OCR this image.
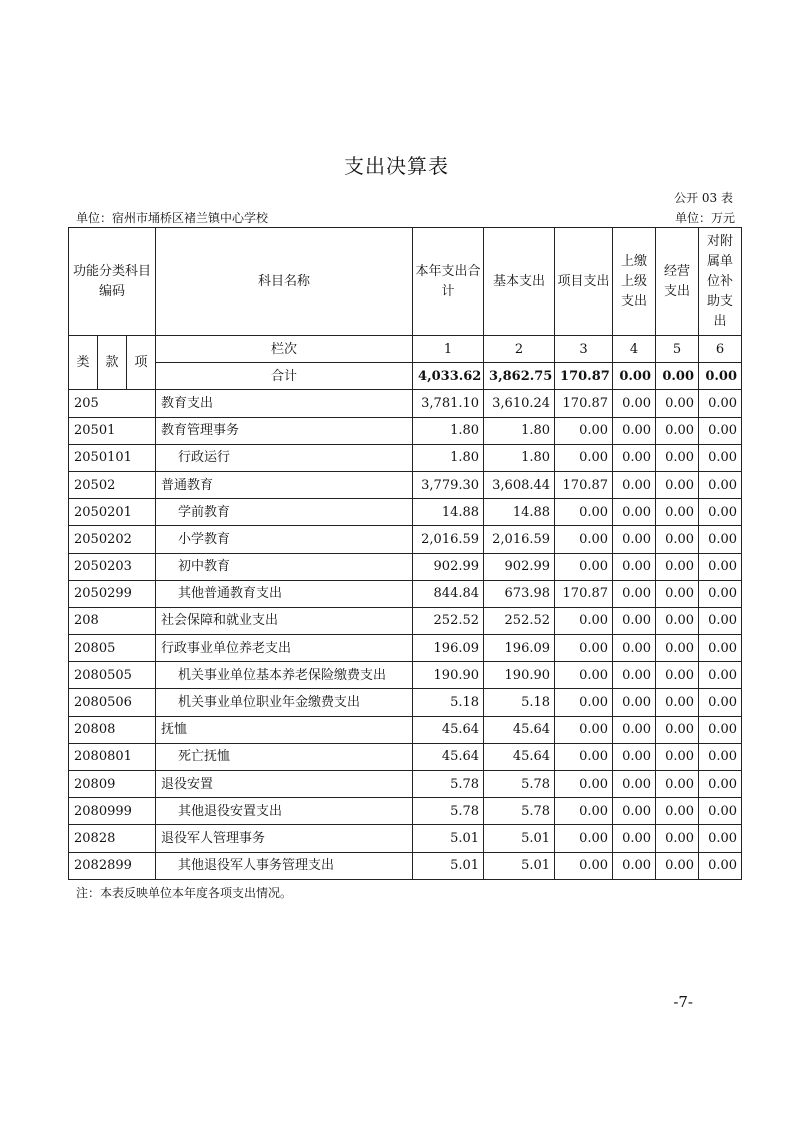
支出决算表
公开 03 表
单位：宿州市埇桥区褚兰镇中心学校	单位：万元
功能分类科目编码			科目名称	本年支出合计	基本支出	项目支出	上缴上级支出	经营支出	对附属单位补助支出
类	款	项	栏次	1	2	3	4	5	6
			合计	4,033.62	3,862.75	170.87	0.00	0.00	0.00
205			教育支出	3,781.10	3,610.24	170.87	0.00	0.00	0.00
20501			教育管理事务	1.80	1.80	0.00	0.00	0.00	0.00
2050101			行政运行	1.80	1.80	0.00	0.00	0.00	0.00
20502			普通教育	3,779.30	3,608.44	170.87	0.00	0.00	0.00
2050201			学前教育	14.88	14.88	0.00	0.00	0.00	0.00
2050202			小学教育	2,016.59	2,016.59	0.00	0.00	0.00	0.00
2050203			初中教育	902.99	902.99	0.00	0.00	0.00	0.00
2050299			其他普通教育支出	844.84	673.98	170.87	0.00	0.00	0.00
208			社会保障和就业支出	252.52	252.52	0.00	0.00	0.00	0.00
20805			行政事业单位养老支出	196.09	196.09	0.00	0.00	0.00	0.00
2080505			机关事业单位基本养老保险缴费支出	190.90	190.90	0.00	0.00	0.00	0.00
2080506			机关事业单位职业年金缴费支出	5.18	5.18	0.00	0.00	0.00	0.00
20808			抚恤	45.64	45.64	0.00	0.00	0.00	0.00
2080801			死亡抚恤	45.64	45.64	0.00	0.00	0.00	0.00
20809			退役安置	5.78	5.78	0.00	0.00	0.00	0.00
2080999			其他退役安置支出	5.78	5.78	0.00	0.00	0.00	0.00
20828			退役军人管理事务	5.01	5.01	0.00	0.00	0.00	0.00
2082899			其他退役军人事务管理支出	5.01	5.01	0.00	0.00	0.00	0.00
注：本表反映单位本年度各项支出情况。
-7-
